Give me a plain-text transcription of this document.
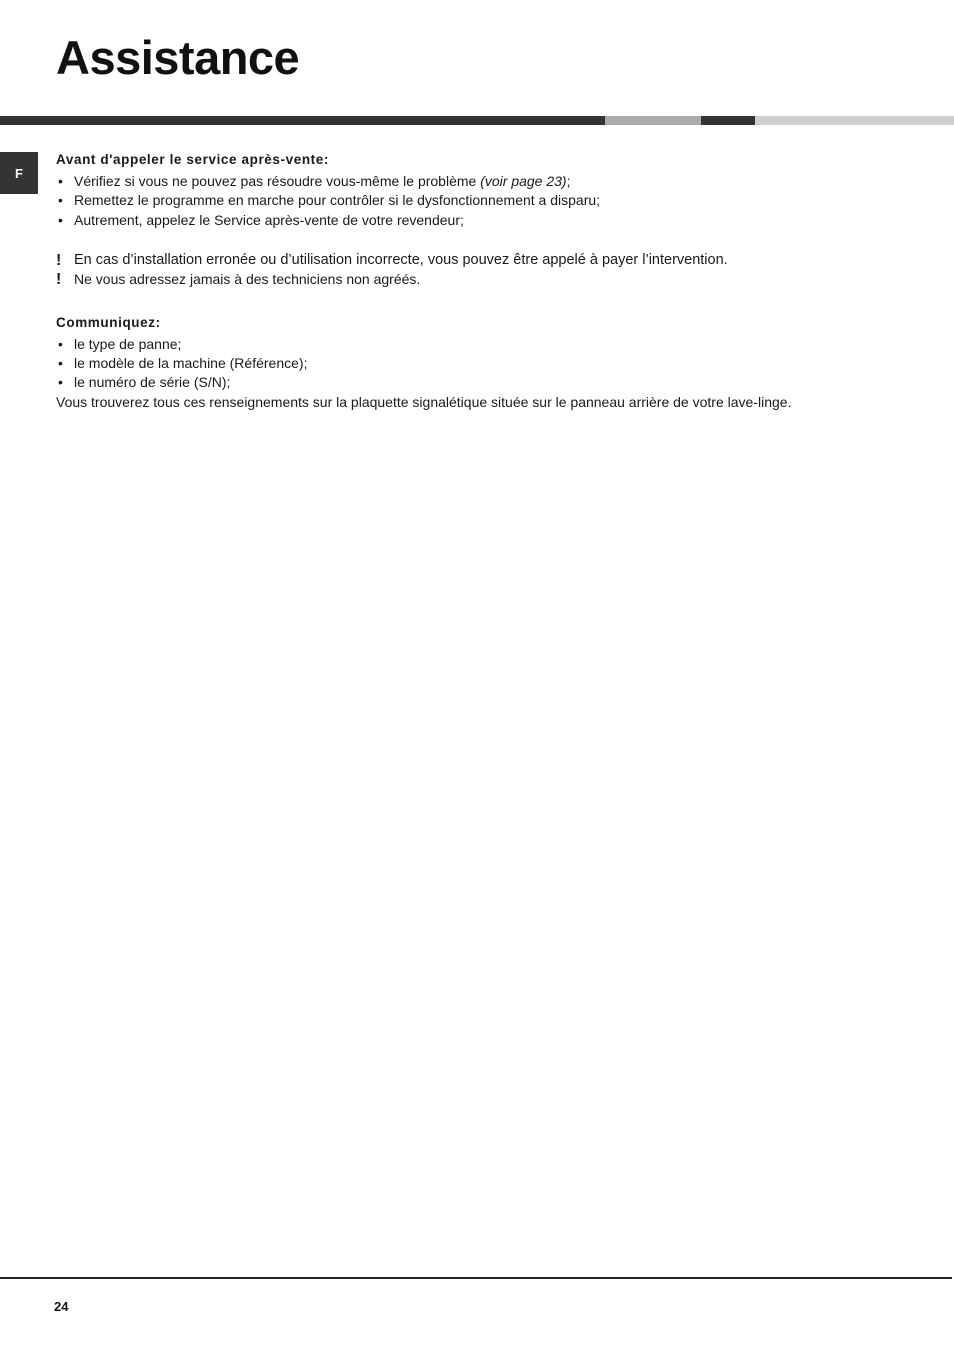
Assistance
F

Avant d'appeler le service après-vente:

• Vérifiez si vous ne pouvez pas résoudre vous-même le problème (voir page 23);
• Remettez le programme en marche pour contrôler si le dysfonctionnement a disparu;
• Autrement, appelez le Service après-vente de votre revendeur;
! En cas d’installation erronée ou d’utilisation incorrecte, vous pouvez être appelé à payer l’intervention.
! Ne vous adressez jamais à des techniciens non agréés.

Communiquez:

• le type de panne;
• le modèle de la machine (Référence);
• le numéro de série (S/N);

Vous trouverez tous ces renseignements sur la plaquette signalétique située sur le panneau arrière de votre lave-linge.

24
